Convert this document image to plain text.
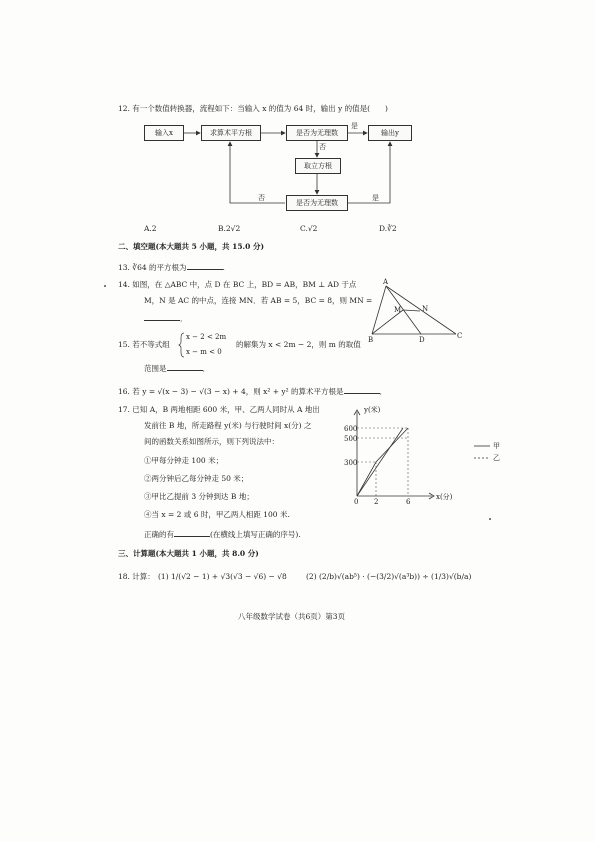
12. 有一个数值转换器，流程如下：当输入 x 的值为 64 时，输出 y 的值是(　　)
输入x	求算术平方根	是否为无理数	输出y
取立方根
是否为无理数
是
否
否	是
A.2	B.2√2	C.√2	D.∛2
二、填空题(本大题共 5 小题，共 15.0 分)
13. ∛64 的平方根为	.
14. 如图，在 △ABC 中，点 D 在 BC 上，BD = AB，BM ⊥ AD 于点
M，N 是 AC 的中点，连接 MN．若 AB = 5，BC = 8，则 MN =
．
A
B	C
D
M	N
15. 若不等式组
x − 2 < 2m
x − m < 0
的解集为 x < 2m − 2，则 m 的取值
范围是	．
16. 若 y = √(x − 3) − √(3 − x) + 4，则 x² + y² 的算术平方根是	．
17. 已知 A，B 两地相距 600 米，甲、乙两人同时从 A 地出
发前往 B 地，所走路程 y(米) 与行驶时间 x(分) 之
间的函数关系如图所示，则下列说法中：
①甲每分钟走 100 米；
②两分钟后乙每分钟走 50 米；
③甲比乙提前 3 分钟到达 B 地；
④当 x = 2 或 6 时，甲乙两人相距 100 米.
正确的有	(在横线上填写正确的序号).
y(米)
600
500
300
0 2	6
x(分)
甲
乙
三、计算题(本大题共 1 小题，共 8.0 分)
18. 计算： (1) 1/(√2 − 1) + √3(√3 − √6) − √8	(2) (2/b)√(ab⁵) · (−(3/2)√(a³b)) ÷ (1/3)√(b/a)
八年级数学试卷（共6页）第3页
